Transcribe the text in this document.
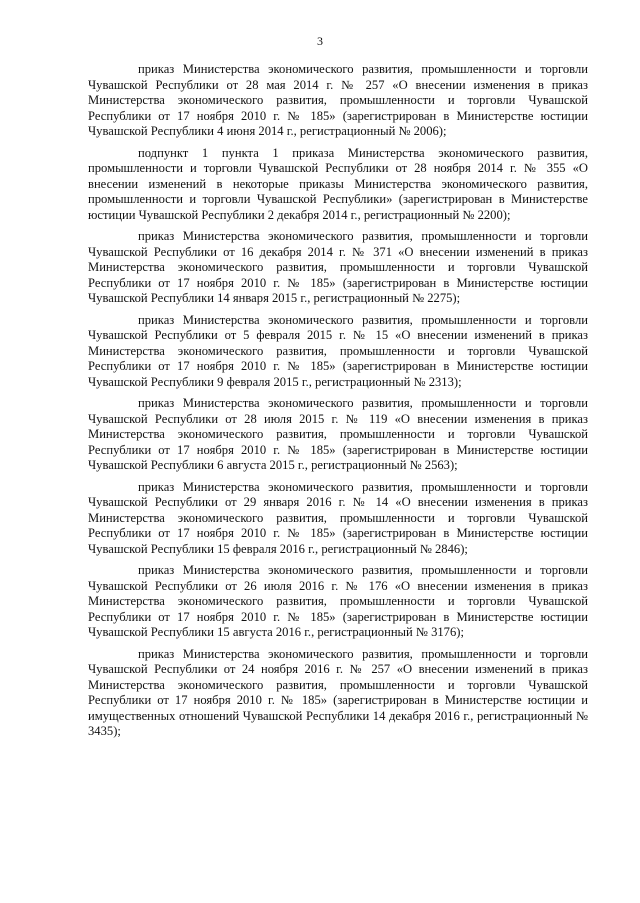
3

приказ Министерства экономического развития, промышленности и торговли Чувашской Республики от 28 мая 2014 г. № 257 «О внесении изменения в приказ Министерства экономического развития, промышленности и торговли Чувашской Республики от 17 ноября 2010 г. № 185» (зарегистрирован в Министерстве юстиции Чувашской Республики 4 июня 2014 г., регистрационный № 2006);

подпункт 1 пункта 1 приказа Министерства экономического развития, промышленности и торговли Чувашской Республики от 28 ноября 2014 г. № 355 «О внесении изменений в некоторые приказы Министерства экономического развития, промышленности и торговли Чувашской Республики» (зарегистрирован в Министерстве юстиции Чувашской Республики 2 декабря 2014 г., регистрационный № 2200);

приказ Министерства экономического развития, промышленности и торговли Чувашской Республики от 16 декабря 2014 г. № 371 «О внесении изменений в приказ Министерства экономического развития, промышленности и торговли Чувашской Республики от 17 ноября 2010 г. № 185» (зарегистрирован в Министерстве юстиции Чувашской Республики 14 января 2015 г., регистрационный № 2275);

приказ Министерства экономического развития, промышленности и торговли Чувашской Республики от 5 февраля 2015 г. № 15 «О внесении изменений в приказ Министерства экономического развития, промышленности и торговли Чувашской Республики от 17 ноября 2010 г. № 185» (зарегистрирован в Министерстве юстиции Чувашской Республики 9 февраля 2015 г., регистрационный № 2313);

приказ Министерства экономического развития, промышленности и торговли Чувашской Республики от 28 июля 2015 г. № 119 «О внесении изменения в приказ Министерства экономического развития, промышленности и торговли Чувашской Республики от 17 ноября 2010 г. № 185» (зарегистрирован в Министерстве юстиции Чувашской Республики 6 августа 2015 г., регистрационный № 2563);

приказ Министерства экономического развития, промышленности и торговли Чувашской Республики от 29 января 2016 г. № 14 «О внесении изменения в приказ Министерства экономического развития, промышленности и торговли Чувашской Республики от 17 ноября 2010 г. № 185» (зарегистрирован в Министерстве юстиции Чувашской Республики 15 февраля 2016 г., регистрационный № 2846);

приказ Министерства экономического развития, промышленности и торговли Чувашской Республики от 26 июля 2016 г. № 176 «О внесении изменения в приказ Министерства экономического развития, промышленности и торговли Чувашской Республики от 17 ноября 2010 г. № 185» (зарегистрирован в Министерстве юстиции Чувашской Республики 15 августа 2016 г., регистрационный № 3176);

приказ Министерства экономического развития, промышленности и торговли Чувашской Республики от 24 ноября 2016 г. № 257 «О внесении изменений в приказ Министерства экономического развития, промышленности и торговли Чувашской Республики от 17 ноября 2010 г. № 185» (зарегистрирован в Министерстве юстиции и имущественных отношений Чувашской Республики 14 декабря 2016 г., регистрационный № 3435);
